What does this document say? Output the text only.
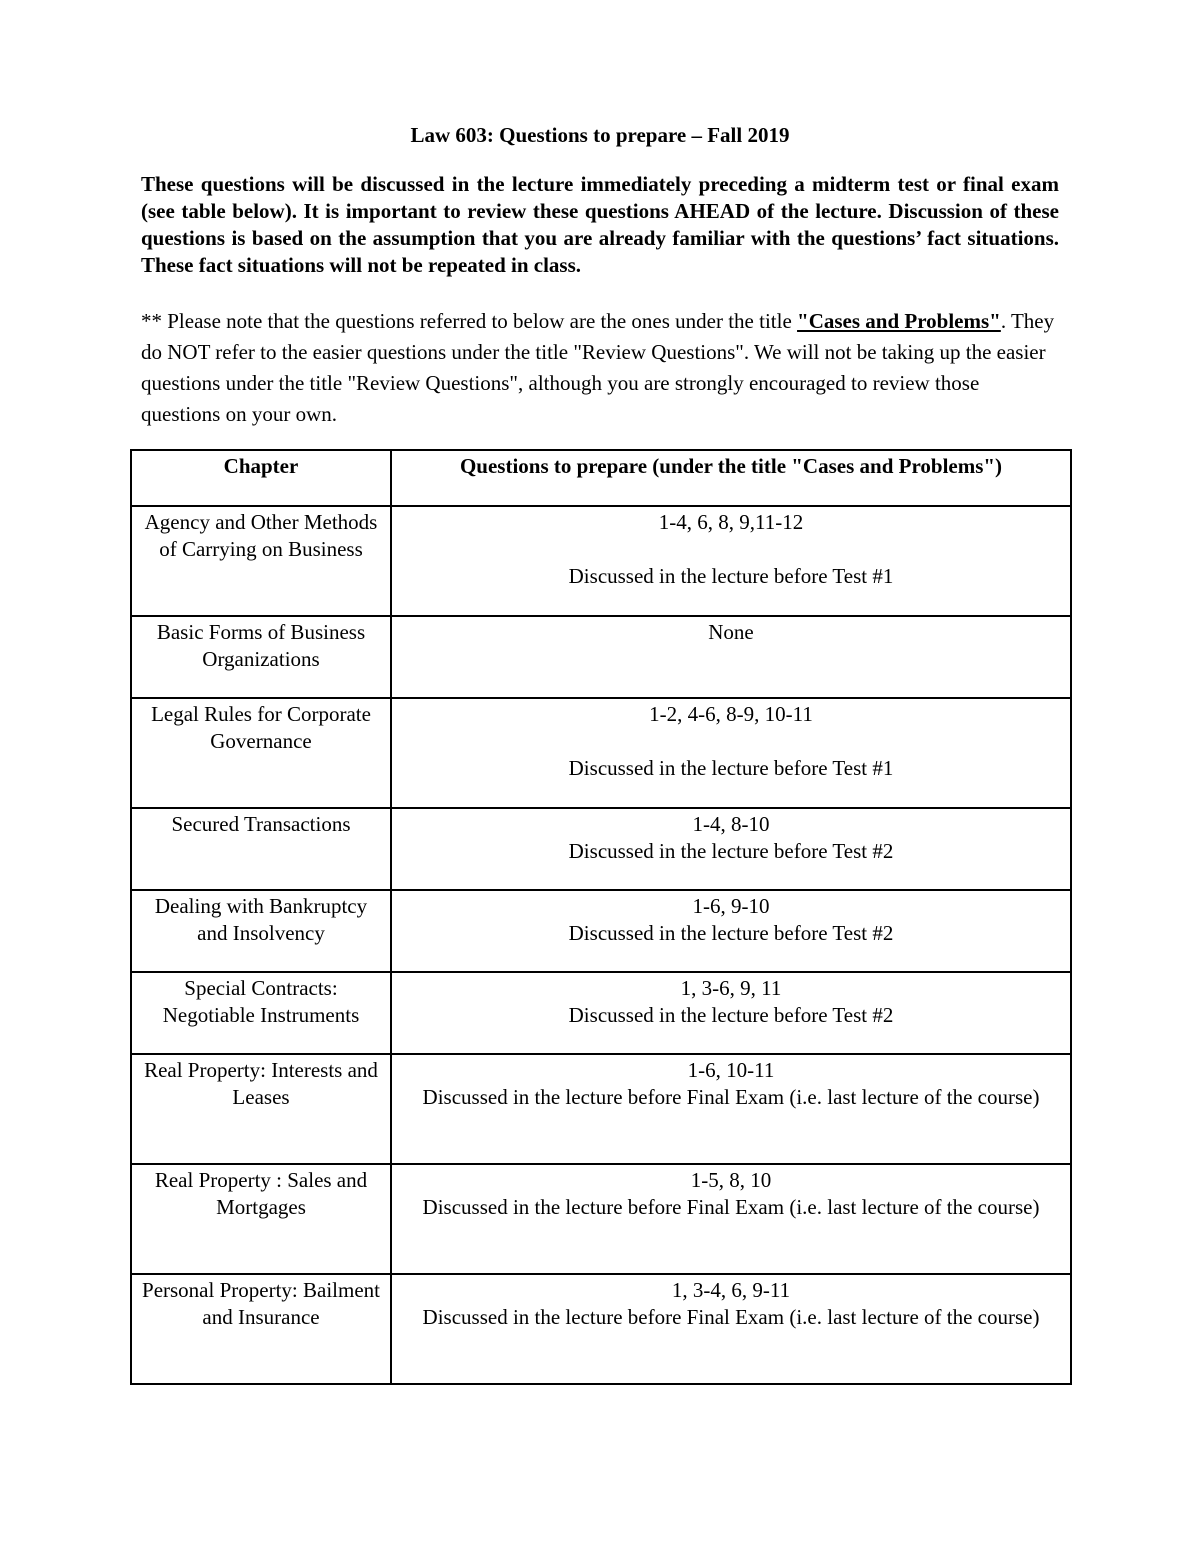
Law 603: Questions to prepare – Fall 2019
These questions will be discussed in the lecture immediately preceding a midterm test or final exam (see table below). It is important to review these questions AHEAD of the lecture. Discussion of these questions is based on the assumption that you are already familiar with the questions’ fact situations. These fact situations will not be repeated in class.
** Please note that the questions referred to below are the ones under the title "Cases and Problems". They do NOT refer to the easier questions under the title "Review Questions". We will not be taking up the easier questions under the title "Review Questions", although you are strongly encouraged to review those questions on your own.
Chapter	Questions to prepare (under the title "Cases and Problems")
Agency and Other Methods of Carrying on Business	1-4, 6, 8, 9,11-12
Discussed in the lecture before Test #1

Basic Forms of Business Organizations	None

Legal Rules for Corporate Governance	1-2, 4-6, 8-9, 10-11
Discussed in the lecture before Test #1

Secured Transactions	1-4, 8-10
Discussed in the lecture before Test #2

Dealing with Bankruptcy and Insolvency	1-6, 9-10
Discussed in the lecture before Test #2

Special Contracts: Negotiable Instruments	1, 3-6, 9, 11
Discussed in the lecture before Test #2

Real Property: Interests and Leases	1-6, 10-11
Discussed in the lecture before Final Exam (i.e. last lecture of the course)

Real Property : Sales and Mortgages	1-5, 8, 10
Discussed in the lecture before Final Exam (i.e. last lecture of the course)

Personal Property: Bailment and Insurance	1, 3-4, 6, 9-11
Discussed in the lecture before Final Exam (i.e. last lecture of the course)
